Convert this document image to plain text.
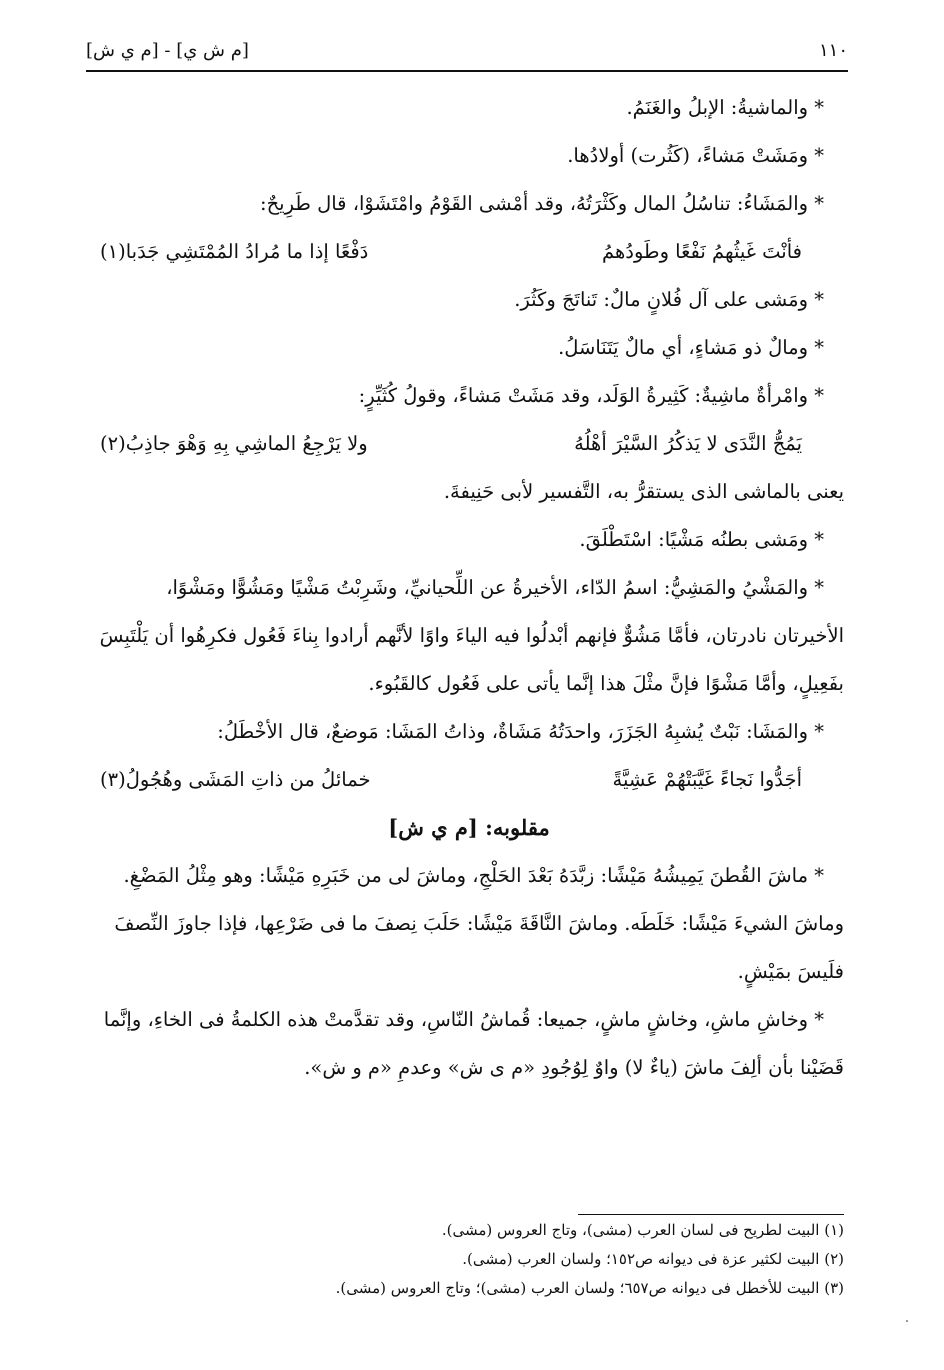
١١٠
[م ش ي] - [م ي ش]

* والماشيةُ: الإبلُ والغَنَمُ.

* ومَشَتْ مَشاءً، (كَثُرت) أولادُها.

* والمَشَاءُ: تناسُلُ المال وكَثْرَتُهُ، وقد أمْشى القَوْمُ وامْتَشَوْا، قال طَرِيحٌ:

فأنْتَ غَيثُهمُ نَفْعًا وطَودُهمُ
دَفْعًا إذا ما مُرادُ المُمْتَشِي جَدَبا(١)

* ومَشى على آل فُلانٍ مالٌ: تَناتَجَ وكَثُرَ.

* ومالٌ ذو مَشاءٍ، أي مالٌ يَتَنَاسَلُ.

* وامْرأةٌ ماشِيةٌ: كَثِيرةُ الوَلَد، وقد مَشَتْ مَشاءً، وقولُ كُثَيِّرٍ:

يَمُجُّ النَّدَى لا يَذكُرُ السَّيْرَ أهْلُهُ
ولا يَرْجِعُ الماشِي بِهِ وَهْوَ جاذِبُ(٢)

يعنى بالماشى الذى يستقرُّ به، التَّفسير لأبى حَنِيفةَ.

* ومَشى بطنُه مَشْيًا: اسْتَطْلَقَ.

* والمَشْيُ والمَشِيُّ: اسمُ الدّاء، الأخيرةُ عن اللِّحيانيِّ، وشَرِبْتُ مَشْيًا ومَشُوًّا ومَشْوًا، الأخيرتان نادرتان، فأمَّا مَشُوٌّ فإنهم أبْدلُوا فيه الياءَ واوًا لأنَّهم أرادوا بِناءَ فَعُول فكرِهُوا أن يَلْتَبِسَ بفَعِيلٍ، وأمَّا مَشْوًا فإنَّ مثْلَ هذا إنَّما يأتى على فَعُول كالقَبُوء.

* والمَشَا: نَبْتٌ يُشبِهُ الجَزَرَ، واحدَتُهُ مَشَاةٌ، وذاتُ المَشَا: مَوضعٌ، قال الأخْطَلُ:

أجَدُّوا نَجاءً غَيَّبَتْهُمْ عَشِيَّةً
خمائلُ من ذاتِ المَشَى وهُجُولُ(٣)
مقلوبه: [م ي ش]

* ماشَ القُطنَ يَمِيشُهُ مَيْشًا: زبَّدَهُ بَعْدَ الحَلْجِ، وماشَ لى من خَبَرِهِ مَيْشًا: وهو مِثْلُ المَضْغِ. وماشَ الشيءَ مَيْشًا: خَلَطَه. وماشَ النَّاقَةَ مَيْشًا: حَلَبَ نِصفَ ما فى ضَرْعِها، فإذا جاوزَ النِّصفَ فلَيسَ بمَيْشٍ.

* وخاشِ ماشِ، وخاشٍ ماشٍ، جميعا: قُماشُ النّاسِ، وقد تقدَّمتْ هذه الكلمةُ فى الخاءِ، وإنَّما قَضَيْنا بأن ألِفَ ماشَ (ياءٌ لا) واوٌ لِوُجُودِ «م ى ش» وعدمِ «م و ش».

(١) البيت لطريح فى لسان العرب (مشى)، وتاج العروس (مشى).

(٢) البيت لكثير عزة فى ديوانه ص١٥٢؛ ولسان العرب (مشى).

(٣) البيت للأخطل فى ديوانه ص٦٥٧؛ ولسان العرب (مشى)؛ وتاج العروس (مشى).
